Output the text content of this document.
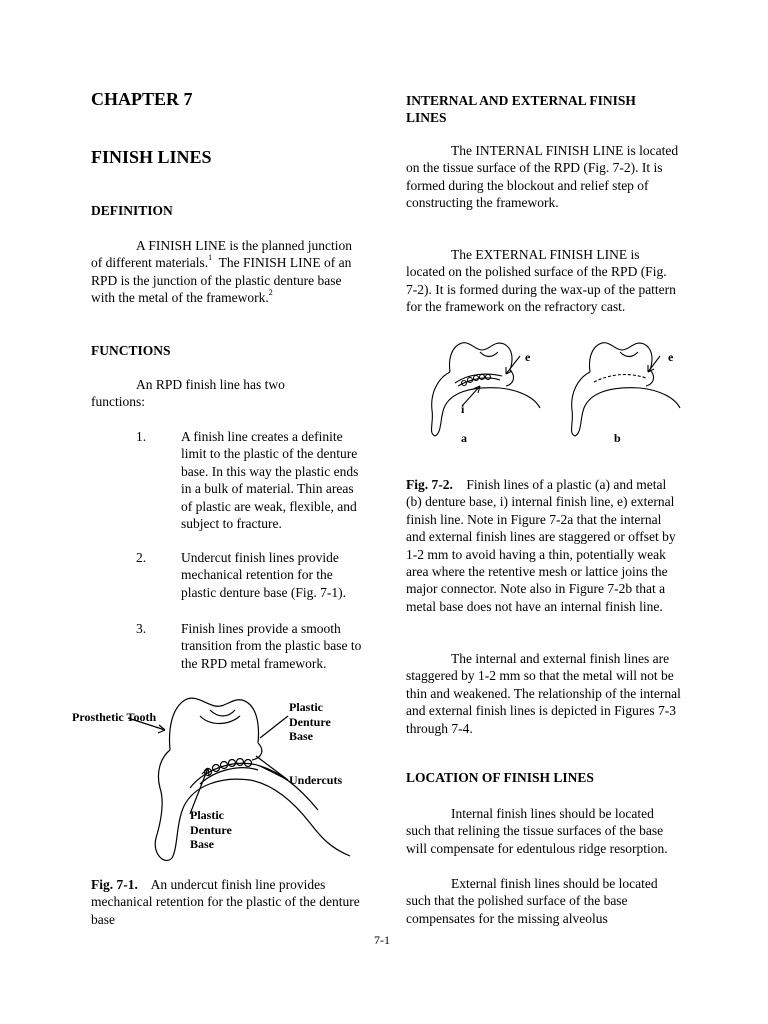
CHAPTER 7
FINISH LINES
DEFINITION
A FINISH LINE is the planned junction of different materials.$^1$ The FINISH LINE of an RPD is the junction of the plastic denture base with the metal of the framework.$^2$
FUNCTIONS
An RPD finish line has two functions:
1.	A finish line creates a definite limit to the plastic of the denture base. In this way the plastic ends in a bulk of material. Thin areas of plastic are weak, flexible, and subject to fracture.
2.	Undercut finish lines provide mechanical retention for the plastic denture base (Fig. 7-1).
3.	Finish lines provide a smooth transition from the plastic base to the RPD metal framework.
Prosthetic Tooth
Plastic Denture Base
Undercuts
Plastic Denture Base
Fig. 7-1. An undercut finish line provides mechanical retention for the plastic of the denture base
INTERNAL AND EXTERNAL FINISH LINES
The INTERNAL FINISH LINE is located on the tissue surface of the RPD (Fig. 7-2). It is formed during the blockout and relief step of constructing the framework.
The EXTERNAL FINISH LINE is located on the polished surface of the RPD (Fig. 7-2). It is formed during the wax-up of the pattern for the framework on the refractory cast.
e
i
a
e
b
Fig. 7-2. Finish lines of a plastic (a) and metal (b) denture base, i) internal finish line, e) external finish line. Note in Figure 7-2a that the internal and external finish lines are staggered or offset by 1-2 mm to avoid having a thin, potentially weak area where the retentive mesh or lattice joins the major connector. Note also in Figure 7-2b that a metal base does not have an internal finish line.
The internal and external finish lines are staggered by 1-2 mm so that the metal will not be thin and weakened. The relationship of the internal and external finish lines is depicted in Figures 7-3 through 7-4.
LOCATION OF FINISH LINES
Internal finish lines should be located such that relining the tissue surfaces of the base will compensate for edentulous ridge resorption.
External finish lines should be located such that the polished surface of the base compensates for the missing alveolus
7-1
